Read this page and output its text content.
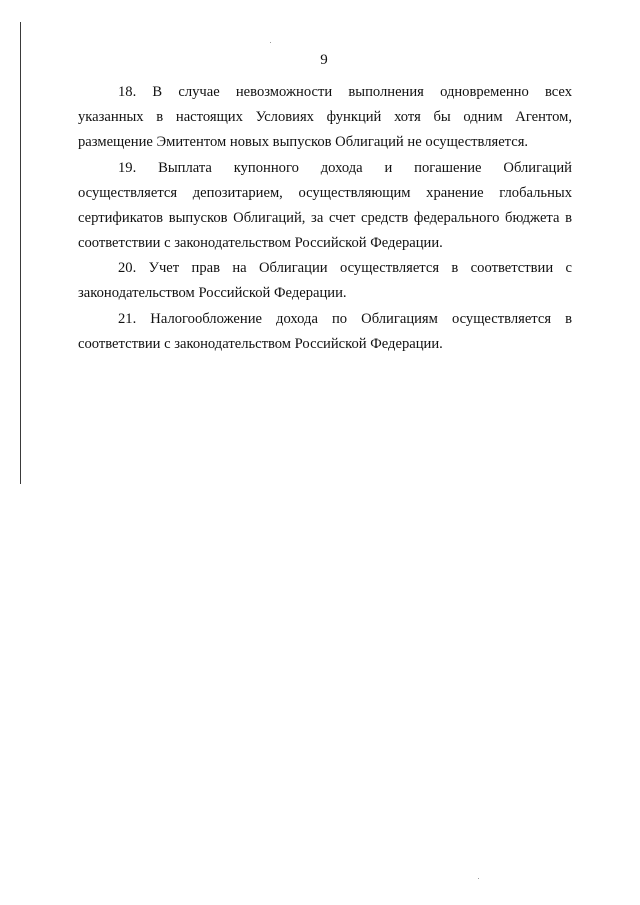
9
18. В случае невозможности выполнения одновременно всех
указанных в настоящих Условиях функций хотя бы одним Агентом,
размещение Эмитентом новых выпусков Облигаций не осуществляется.
19. Выплата купонного дохода и погашение Облигаций
осуществляется депозитарием, осуществляющим хранение глобальных
сертификатов выпусков Облигаций, за счет средств федерального бюджета в
соответствии с законодательством Российской Федерации.
20. Учет прав на Облигации осуществляется в соответствии с
законодательством Российской Федерации.
21. Налогообложение дохода по Облигациям осуществляется в
соответствии с законодательством Российской Федерации.
